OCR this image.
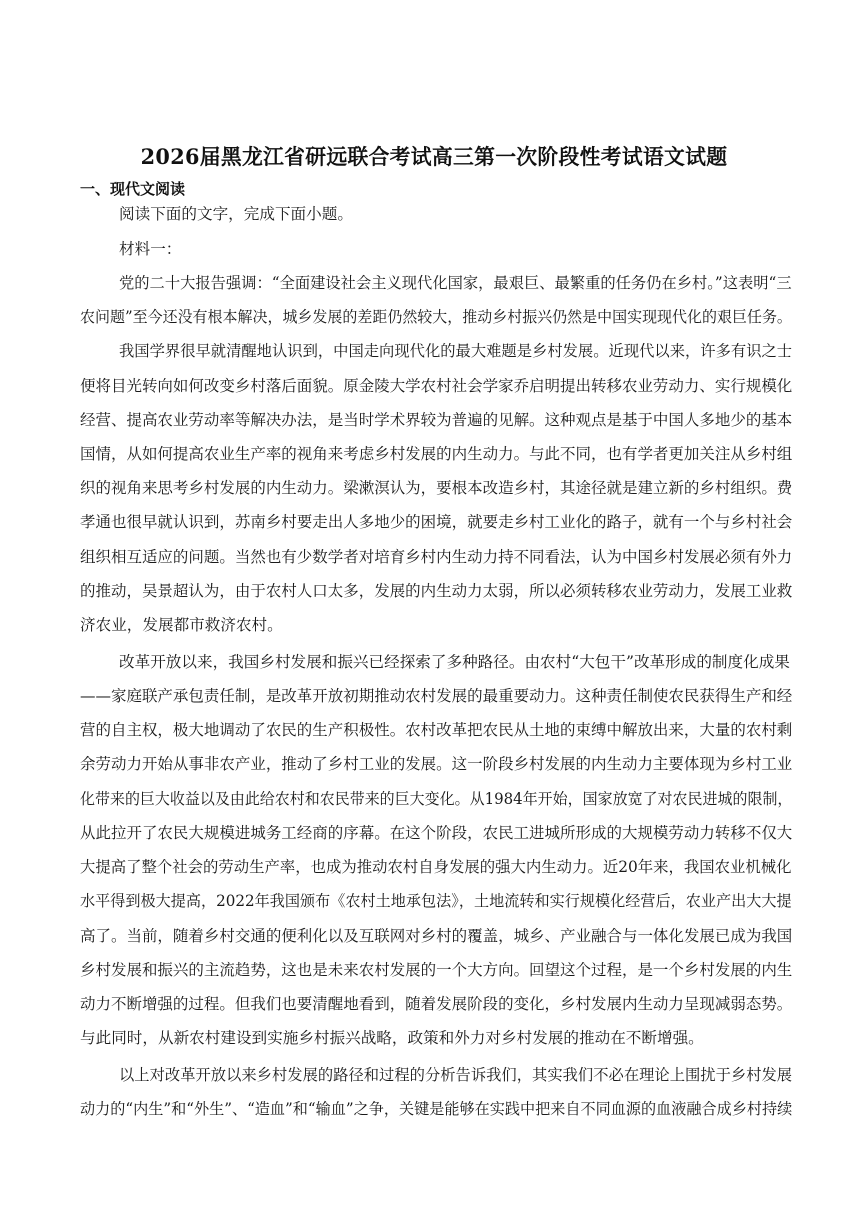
2026届黑龙江省研远联合考试高三第一次阶段性考试语文试题
一、现代文阅读
阅读下面的文字，完成下面小题。
材料一：
党的二十大报告强调：“全面建设社会主义现代化国家，最艰巨、最繁重的任务仍在乡村。”这表明“三
农问题”至今还没有根本解决，城乡发展的差距仍然较大，推动乡村振兴仍然是中国实现现代化的艰巨任务。
我国学界很早就清醒地认识到，中国走向现代化的最大难题是乡村发展。近现代以来，许多有识之士
便将目光转向如何改变乡村落后面貌。原金陵大学农村社会学家乔启明提出转移农业劳动力、实行规模化
经营、提高农业劳动率等解决办法，是当时学术界较为普遍的见解。这种观点是基于中国人多地少的基本
国情，从如何提高农业生产率的视角来考虑乡村发展的内生动力。与此不同，也有学者更加关注从乡村组
织的视角来思考乡村发展的内生动力。梁漱溟认为，要根本改造乡村，其途径就是建立新的乡村组织。费
孝通也很早就认识到，苏南乡村要走出人多地少的困境，就要走乡村工业化的路子，就有一个与乡村社会
组织相互适应的问题。当然也有少数学者对培育乡村内生动力持不同看法，认为中国乡村发展必须有外力
的推动，吴景超认为，由于农村人口太多，发展的内生动力太弱，所以必须转移农业劳动力，发展工业救
济农业，发展都市救济农村。
改革开放以来，我国乡村发展和振兴已经探索了多种路径。由农村“大包干”改革形成的制度化成果
——家庭联产承包责任制，是改革开放初期推动农村发展的最重要动力。这种责任制使农民获得生产和经
营的自主权，极大地调动了农民的生产积极性。农村改革把农民从土地的束缚中解放出来，大量的农村剩
余劳动力开始从事非农产业，推动了乡村工业的发展。这一阶段乡村发展的内生动力主要体现为乡村工业
化带来的巨大收益以及由此给农村和农民带来的巨大变化。从1984年开始，国家放宽了对农民进城的限制，
从此拉开了农民大规模进城务工经商的序幕。在这个阶段，农民工进城所形成的大规模劳动力转移不仅大
大提高了整个社会的劳动生产率，也成为推动农村自身发展的强大内生动力。近20年来，我国农业机械化
水平得到极大提高，2022年我国颁布《农村土地承包法》，土地流转和实行规模化经营后，农业产出大大提
高了。当前，随着乡村交通的便利化以及互联网对乡村的覆盖，城乡、产业融合与一体化发展已成为我国
乡村发展和振兴的主流趋势，这也是未来农村发展的一个大方向。回望这个过程，是一个乡村发展的内生
动力不断增强的过程。但我们也要清醒地看到，随着发展阶段的变化，乡村发展内生动力呈现减弱态势。
与此同时，从新农村建设到实施乡村振兴战略，政策和外力对乡村发展的推动在不断增强。
以上对改革开放以来乡村发展的路径和过程的分析告诉我们，其实我们不必在理论上围扰于乡村发展
动力的“内生”和“外生”、“造血”和“输血”之争，关键是能够在实践中把来自不同血源的血液融合成乡村持续
